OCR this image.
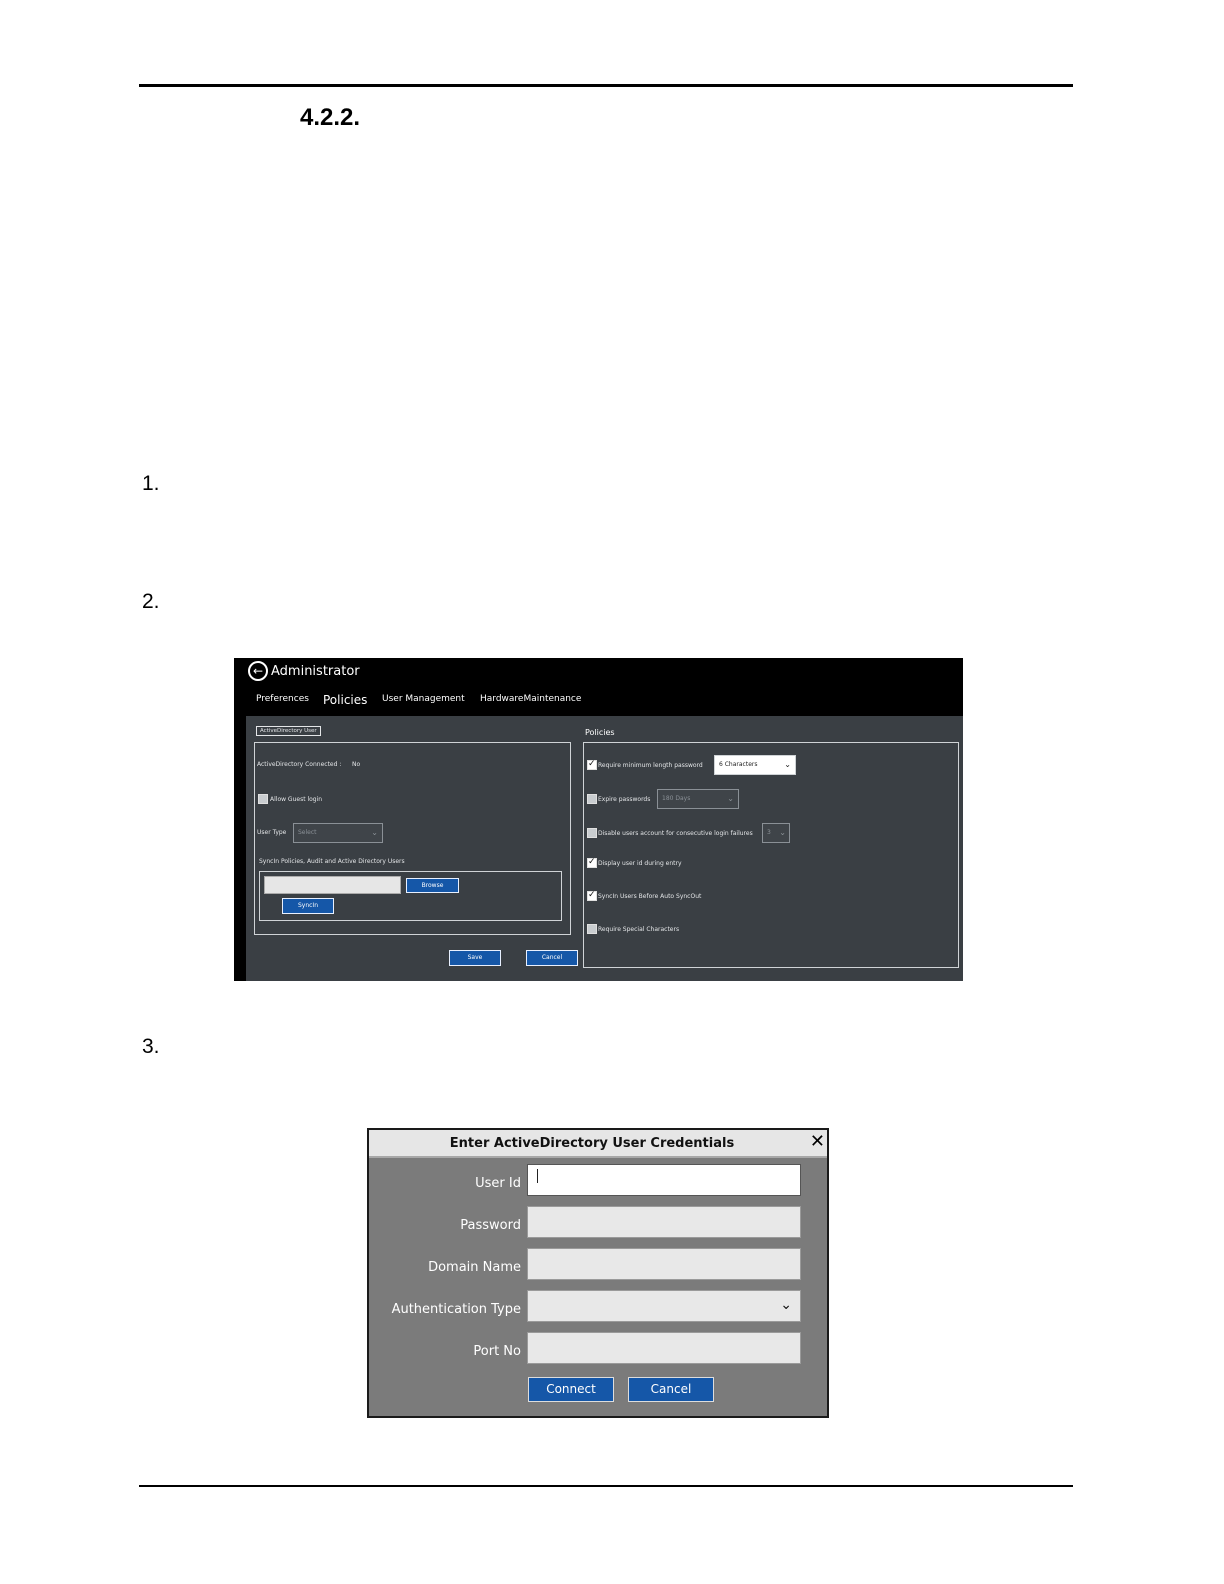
4.2.2.
1.
2.
3.
← Administrator
Preferences Policies User Management HardwareMaintenance
ActiveDirectory User
ActiveDirectory Connected : No
Allow Guest login
User Type Select	⌄
SyncIn Policies, Audit and Active Directory Users
Browse
SyncIn
Save	Cancel
Policies
✓
Require minimum length password	6 Characters	⌄
Expire passwords 180 Days	⌄
Disable users account for consecutive login failures 3 ⌄
✓
Display user id during entry
✓
SyncIn Users Before Auto SyncOut
Require Special Characters
Enter ActiveDirectory User Credentials	✕
User Id
Password
Domain Name
Authentication Type	⌄
Port No
Connect	Cancel
